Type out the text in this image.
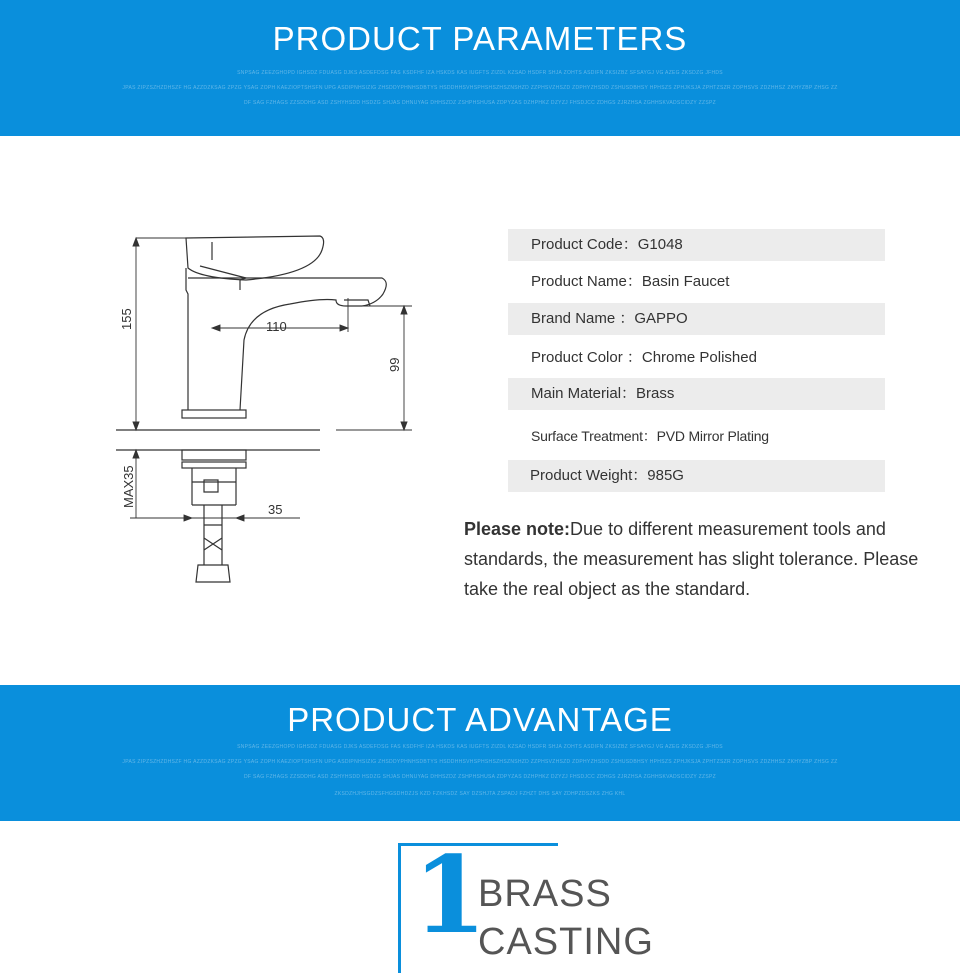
PRODUCT PARAMETERS
SNPSAG ZEEZGHOPD IGHSDZ FDUASG DJKS ASDEFDSG FAS KSDFHF IZA HSKDS KAS IUGFTS ZIZDL KZSAD HSDFR SHJA ZOHTS ASDIFN ZKSIZBZ SFSAYGJ VG AZEG ZKSDZG JFHDS
JPAS ZIPZSZHZDHSZF HG AZZDZKSAG ZPZG YSAG ZOPH KAEZIOPTSHSFN UPG ASDIPNHSIZIG ZHSDDYPHNHSDBTYS HSDDHHSVHSPHSHSZHSZNSHZD ZZPHSVZHSZD ZDPHYZHSDD ZSHUSDBHSY HPHSZS ZPHJKSJA ZPHTZSZR ZOPHSVS ZDZHHSZ ZKHYZBP ZHSG ZZ
DF SAG FZHAGS ZZSDDHG ASD ZSHYHSDD HSDZG SHJAS DHNUYAG DHHSZDZ ZSHPHSHUSA ZDPYZAS DZHPHKZ DZYZJ FHSDJCC ZDHGS ZJRZHSA ZGHHSKVADSCIDZY ZZSPZ
155	110
99
MAX35
35
Product Code：G1048
Product Name：Basin Faucet
Brand Name ：GAPPO
Product Color ：Chrome Polished
Main Material：Brass
Surface Treatment：PVD Mirror Plating
Product Weight：985G
Please note:Due to different measurement tools and standards, the measurement has slight tolerance. Please take the real object as the standard.
PRODUCT ADVANTAGE
SNPSAG ZEEZGHOPD IGHSDZ FDUASG DJKS ASDEFDSG FAS KSDFHF IZA HSKDS KAS IUGFTS ZIZDL KZSAD HSDFR SHJA ZOHTS ASDIFN ZKSIZBZ SFSAYGJ VG AZEG ZKSDZG JFHDS
JPAS ZIPZSZHZDHSZF HG AZZDZKSAG ZPZG YSAG ZOPH KAEZIOPTSHSFN UPG ASDIPNHSIZIG ZHSDDYPHNHSDBTYS HSDDHHSVHSPHSHSZHSZNSHZD ZZPHSVZHSZD ZDPHYZHSDD ZSHUSDBHSY HPHSZS ZPHJKSJA ZPHTZSZR ZOPHSVS ZDZHHSZ ZKHYZBP ZHSG ZZ
DF SAG FZHAGS ZZSDDHG ASD ZSHYHSDD HSDZG SHJAS DHNUYAG DHHSZDZ ZSHPHSHUSA ZDPYZAS DZHPHKZ DZYZJ FHSDJCC ZDHGS ZJRZHSA ZGHHSKVADSCIDZY ZZSPZ
ZKSDZHJHSGDZSFHGSDHDZJS KZD FZKHSDZ SAY DZSHJTA ZSPADJ FZHZT DHS SAY ZDHPZDSZKS ZHG KHL
1
BRASS
CASTING
